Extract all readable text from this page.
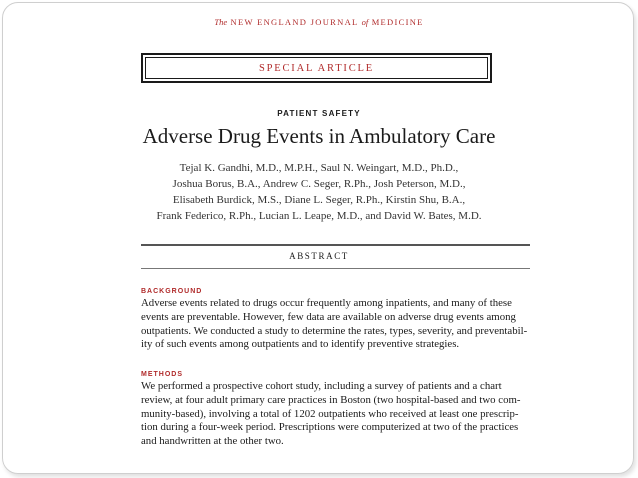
The NEW ENGLAND JOURNAL of MEDICINE
SPECIAL ARTICLE
PATIENT SAFETY
Adverse Drug Events in Ambulatory Care
Tejal K. Gandhi, M.D., M.P.H., Saul N. Weingart, M.D., Ph.D.,
Joshua Borus, B.A., Andrew C. Seger, R.Ph., Josh Peterson, M.D.,
Elisabeth Burdick, M.S., Diane L. Seger, R.Ph., Kirstin Shu, B.A.,
Frank Federico, R.Ph., Lucian L. Leape, M.D., and David W. Bates, M.D.
ABSTRACT
BACKGROUND
Adverse events related to drugs occur frequently among inpatients, and many of these
events are preventable. However, few data are available on adverse drug events among
outpatients. We conducted a study to determine the rates, types, severity, and preventabil-
ity of such events among outpatients and to identify preventive strategies.
METHODS
We performed a prospective cohort study, including a survey of patients and a chart
review, at four adult primary care practices in Boston (two hospital-based and two com-
munity-based), involving a total of 1202 outpatients who received at least one prescrip-
tion during a four-week period. Prescriptions were computerized at two of the practices
and handwritten at the other two.
